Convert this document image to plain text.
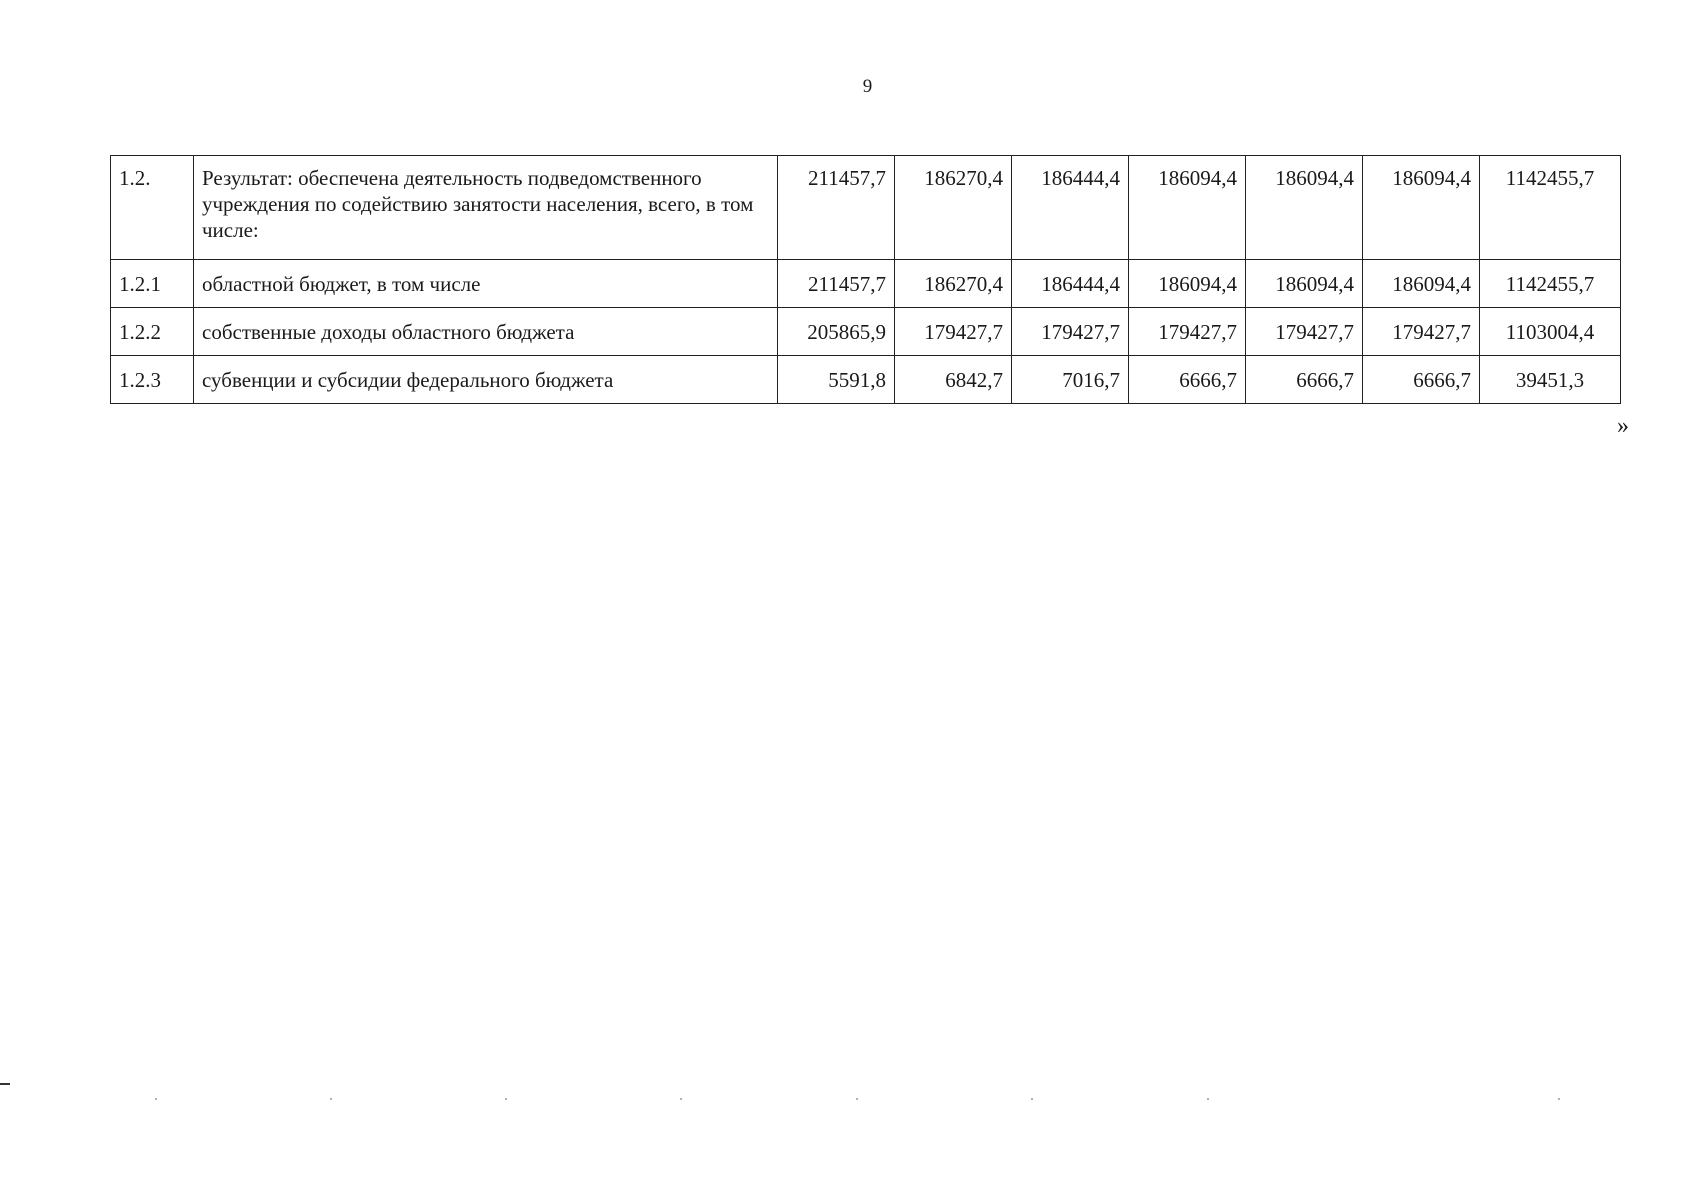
9
1.2.	Результат: обеспечена деятельность подведомственного учреждения по содействию занятости населения, всего, в том числе:	211457,7	186270,4	186444,4	186094,4	186094,4	186094,4	1142455,7
1.2.1	областной бюджет, в том числе	211457,7	186270,4	186444,4	186094,4	186094,4	186094,4	1142455,7
1.2.2	собственные доходы областного бюджета	205865,9	179427,7	179427,7	179427,7	179427,7	179427,7	1103004,4
1.2.3	субвенции и субсидии федерального бюджета	5591,8	6842,7	7016,7	6666,7	6666,7	6666,7	39451,3
»
